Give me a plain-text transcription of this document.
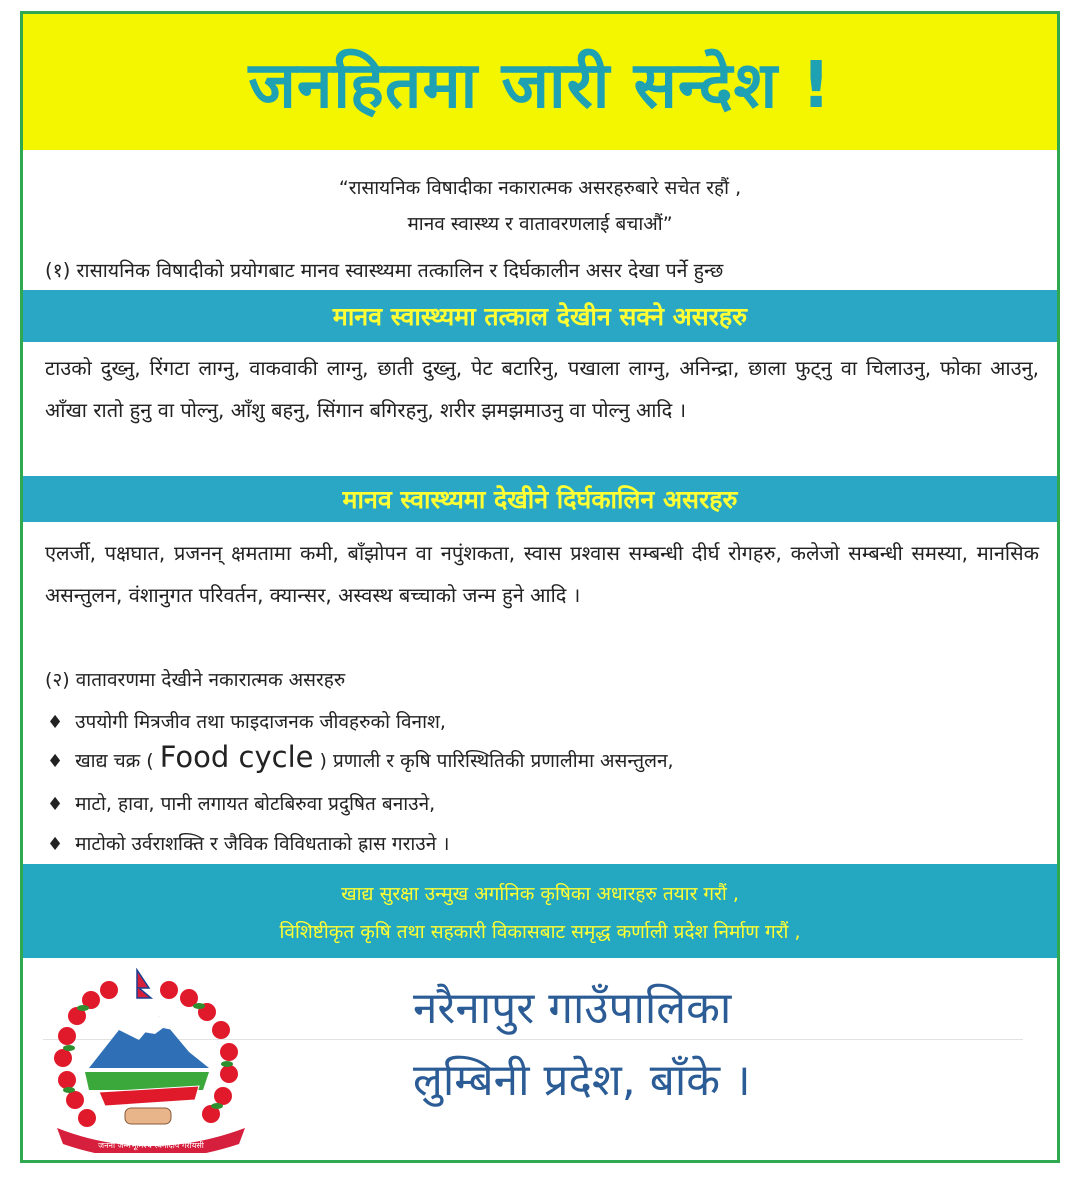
जनहितमा जारी सन्देश !
“रासायनिक विषादीका नकारात्मक असरहरुबारे सचेत रहौं ,
मानव स्वास्थ्य र वातावरणलाई बचाऔं”
(१) रासायनिक विषादीको प्रयोगबाट मानव स्वास्थ्यमा तत्कालिन र दिर्घकालीन असर देखा पर्ने हुन्छ
मानव स्वास्थ्यमा तत्काल देखीन सक्ने असरहरु
टाउको दुख्नु, रिंगटा लाग्नु, वाकवाकी लाग्नु, छाती दुख्नु, पेट बटारिनु, पखाला लाग्नु, अनिन्द्रा, छाला फुट्नु वा चिलाउनु, फोका आउनु, आँखा रातो हुनु वा पोल्नु, आँशु बहनु, सिंगान बगिरहनु, शरीर झमझमाउनु वा पोल्नु आदि ।
मानव स्वास्थ्यमा देखीने दिर्घकालिन असरहरु
एलर्जी, पक्षघात, प्रजनन् क्षमतामा कमी, बाँझोपन वा नपुंशकता, स्वास प्रश्वास सम्बन्धी दीर्घ रोगहरु, कलेजो सम्बन्धी समस्या, मानसिक असन्तुलन, वंशानुगत परिवर्तन, क्यान्सर, अस्वस्थ बच्चाको जन्म हुने आदि ।
(२) वातावरणमा देखीने नकारात्मक असरहरु
♦ उपयोगी मित्रजीव तथा फाइदाजनक जीवहरुको विनाश,
♦ खाद्य चक्र ( Food cycle ) प्रणाली र कृषि पारिस्थितिकी प्रणालीमा असन्तुलन,
♦ माटो, हावा, पानी लगायत बोटबिरुवा प्रदुषित बनाउने,
♦ माटोको उर्वराशक्ति र जैविक विविधताको ह्रास गराउने ।
खाद्य सुरक्षा उन्मुख अर्गानिक कृषिका अधारहरु तयार गरौं ,
विशिष्टीकृत कृषि तथा सहकारी विकासबाट समृद्ध कर्णाली प्रदेश निर्माण गरौं ,
जननी जन्मभूमिश्च स्वर्गादपि गरीयसी
नरैनापुर गाउँपालिका
लुम्बिनी प्रदेश, बाँके ।
